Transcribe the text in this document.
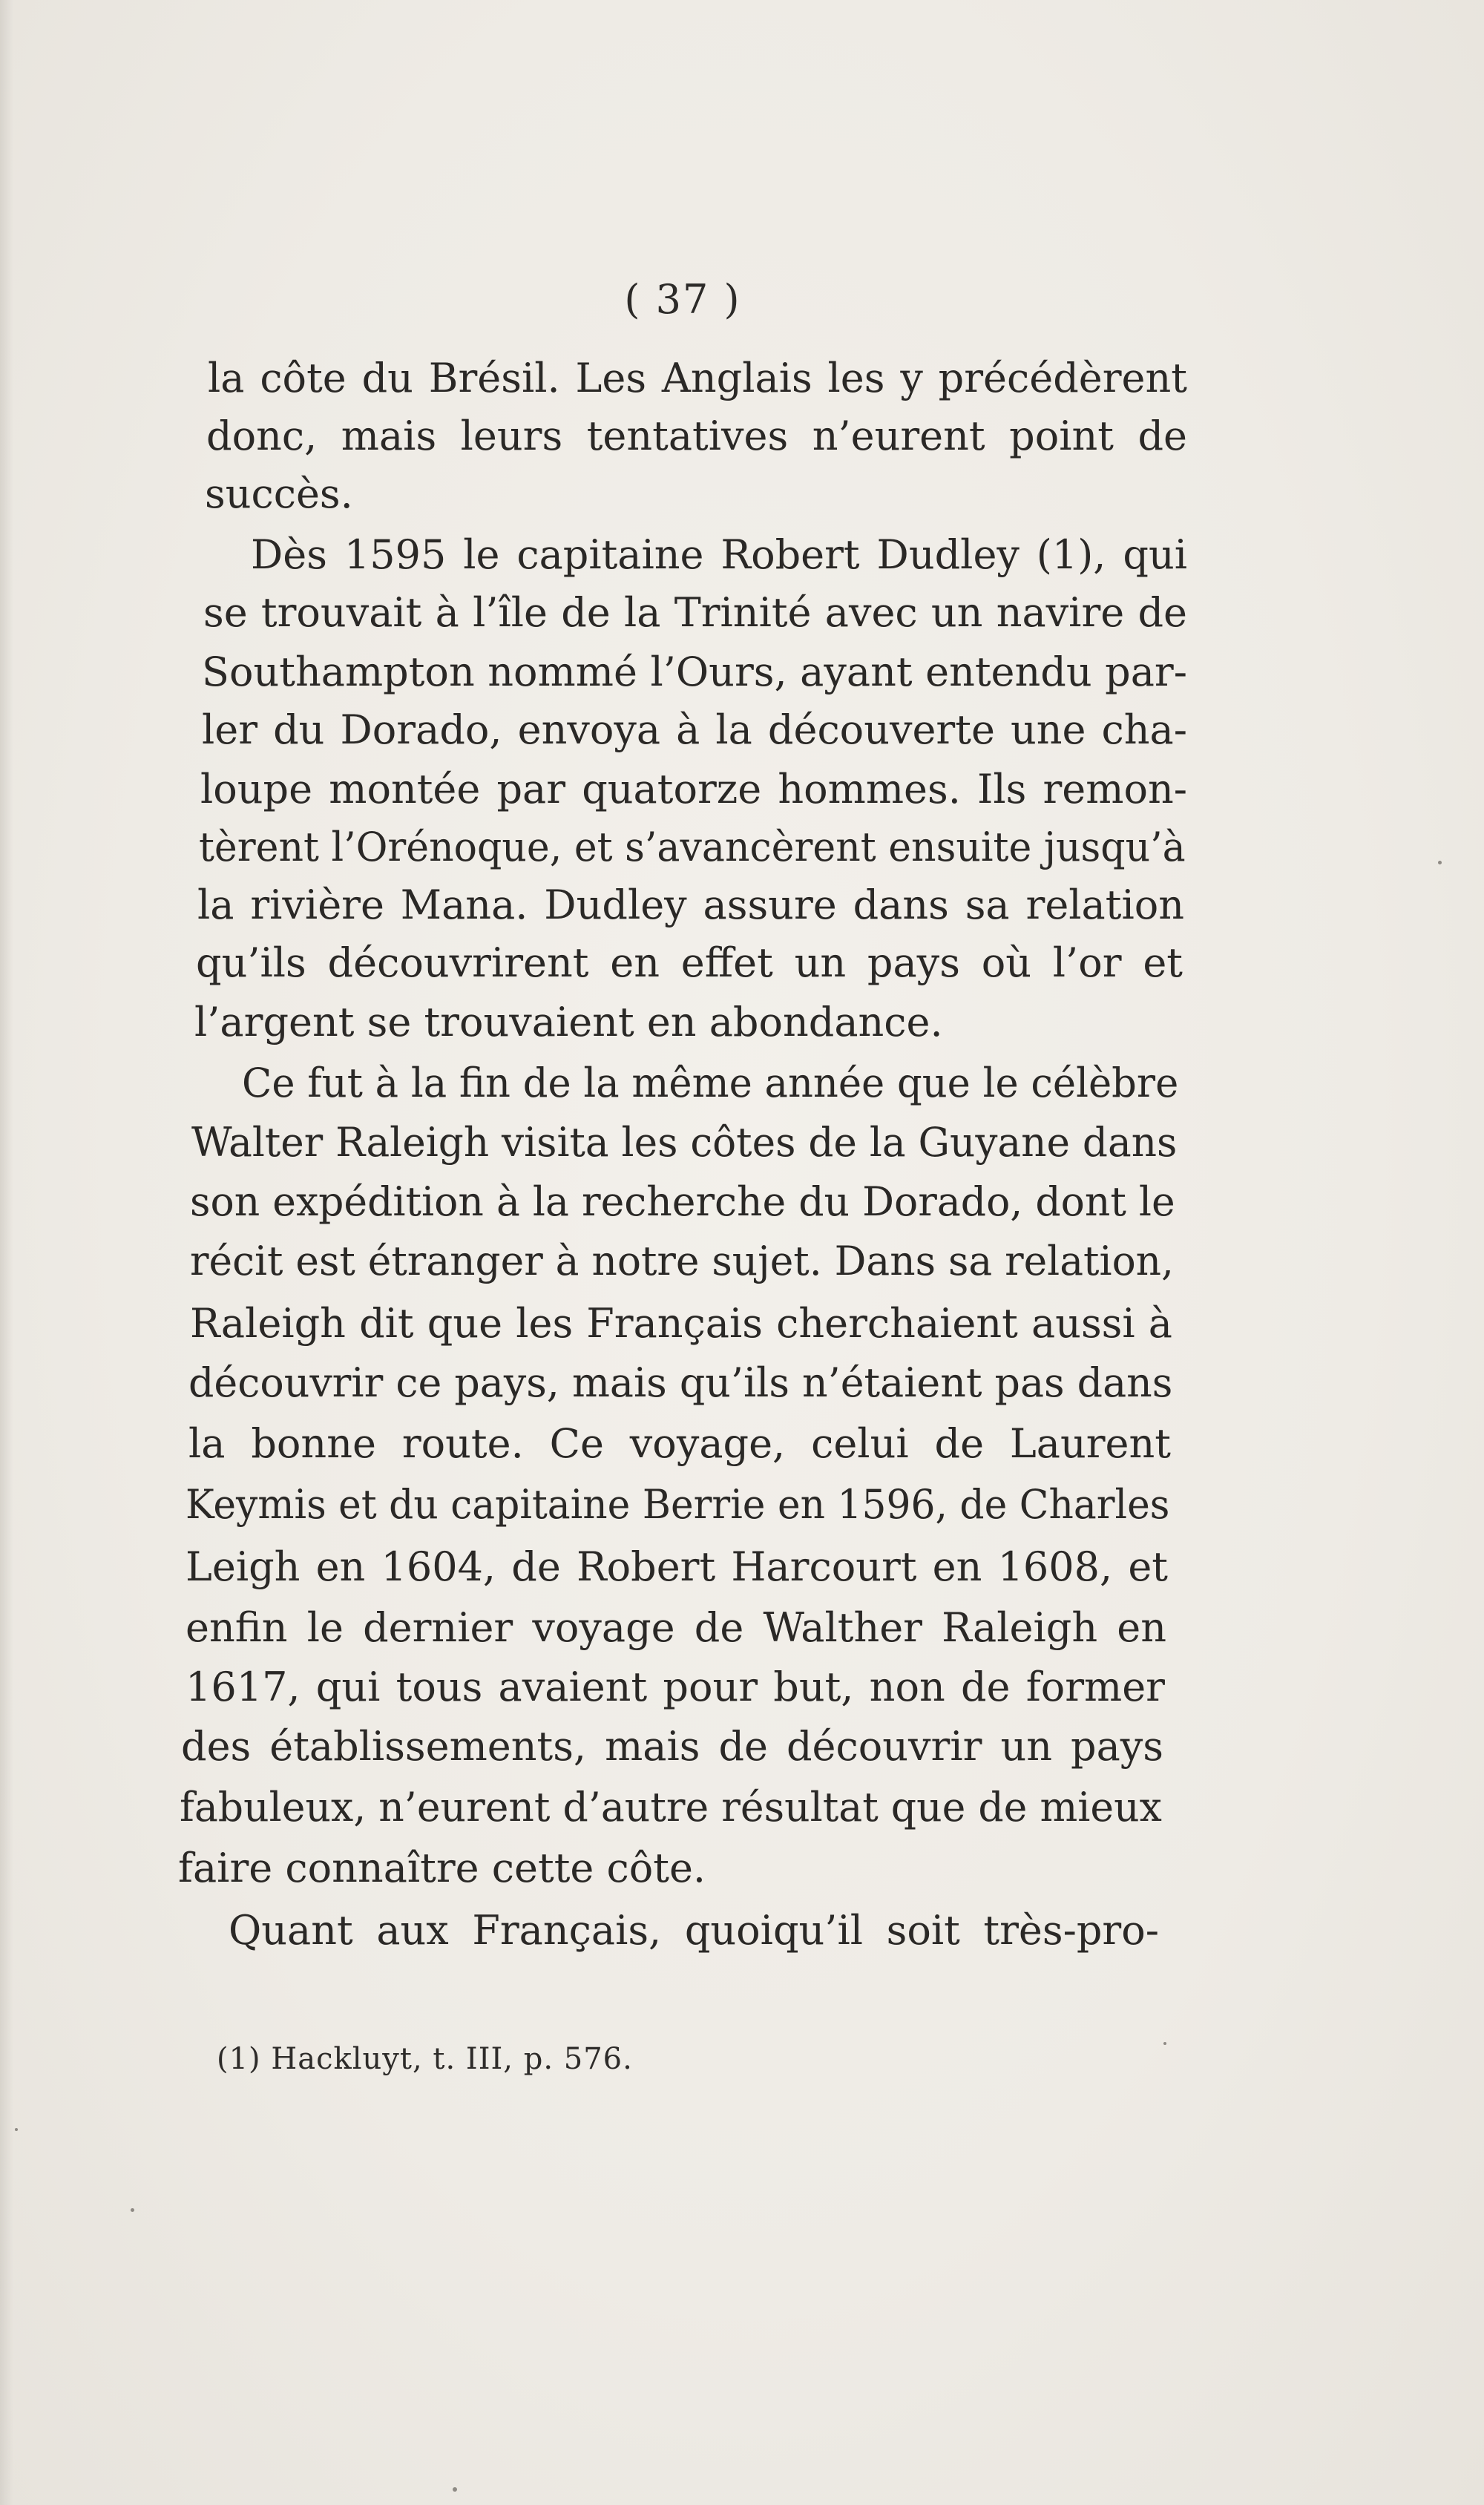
( 37 )
la côte du Brésil. Les Anglais les y précédèrent
donc, mais leurs tentatives n’eurent point de
succès.
Dès 1595 le capitaine Robert Dudley (1), qui
se trouvait à l’île de la Trinité avec un navire de
Southampton nommé l’Ours, ayant entendu par-
ler du Dorado, envoya à la découverte une cha-
loupe montée par quatorze hommes. Ils remon-
tèrent l’Orénoque, et s’avancèrent ensuite jusqu’à
la rivière Mana. Dudley assure dans sa relation
qu’ils découvrirent en effet un pays où l’or et
l’argent se trouvaient en abondance.
Ce fut à la fin de la même année que le célèbre
Walter Raleigh visita les côtes de la Guyane dans
son expédition à la recherche du Dorado, dont le
récit est étranger à notre sujet. Dans sa relation,
Raleigh dit que les Français cherchaient aussi à
découvrir ce pays, mais qu’ils n’étaient pas dans
la bonne route. Ce voyage, celui de Laurent
Keymis et du capitaine Berrie en 1596, de Charles
Leigh en 1604, de Robert Harcourt en 1608, et
enfin le dernier voyage de Walther Raleigh en
1617, qui tous avaient pour but, non de former
des établissements, mais de découvrir un pays
fabuleux, n’eurent d’autre résultat que de mieux
faire connaître cette côte.
Quant aux Français, quoiqu’il soit très-pro-
(1) Hackluyt, t. III, p. 576.
